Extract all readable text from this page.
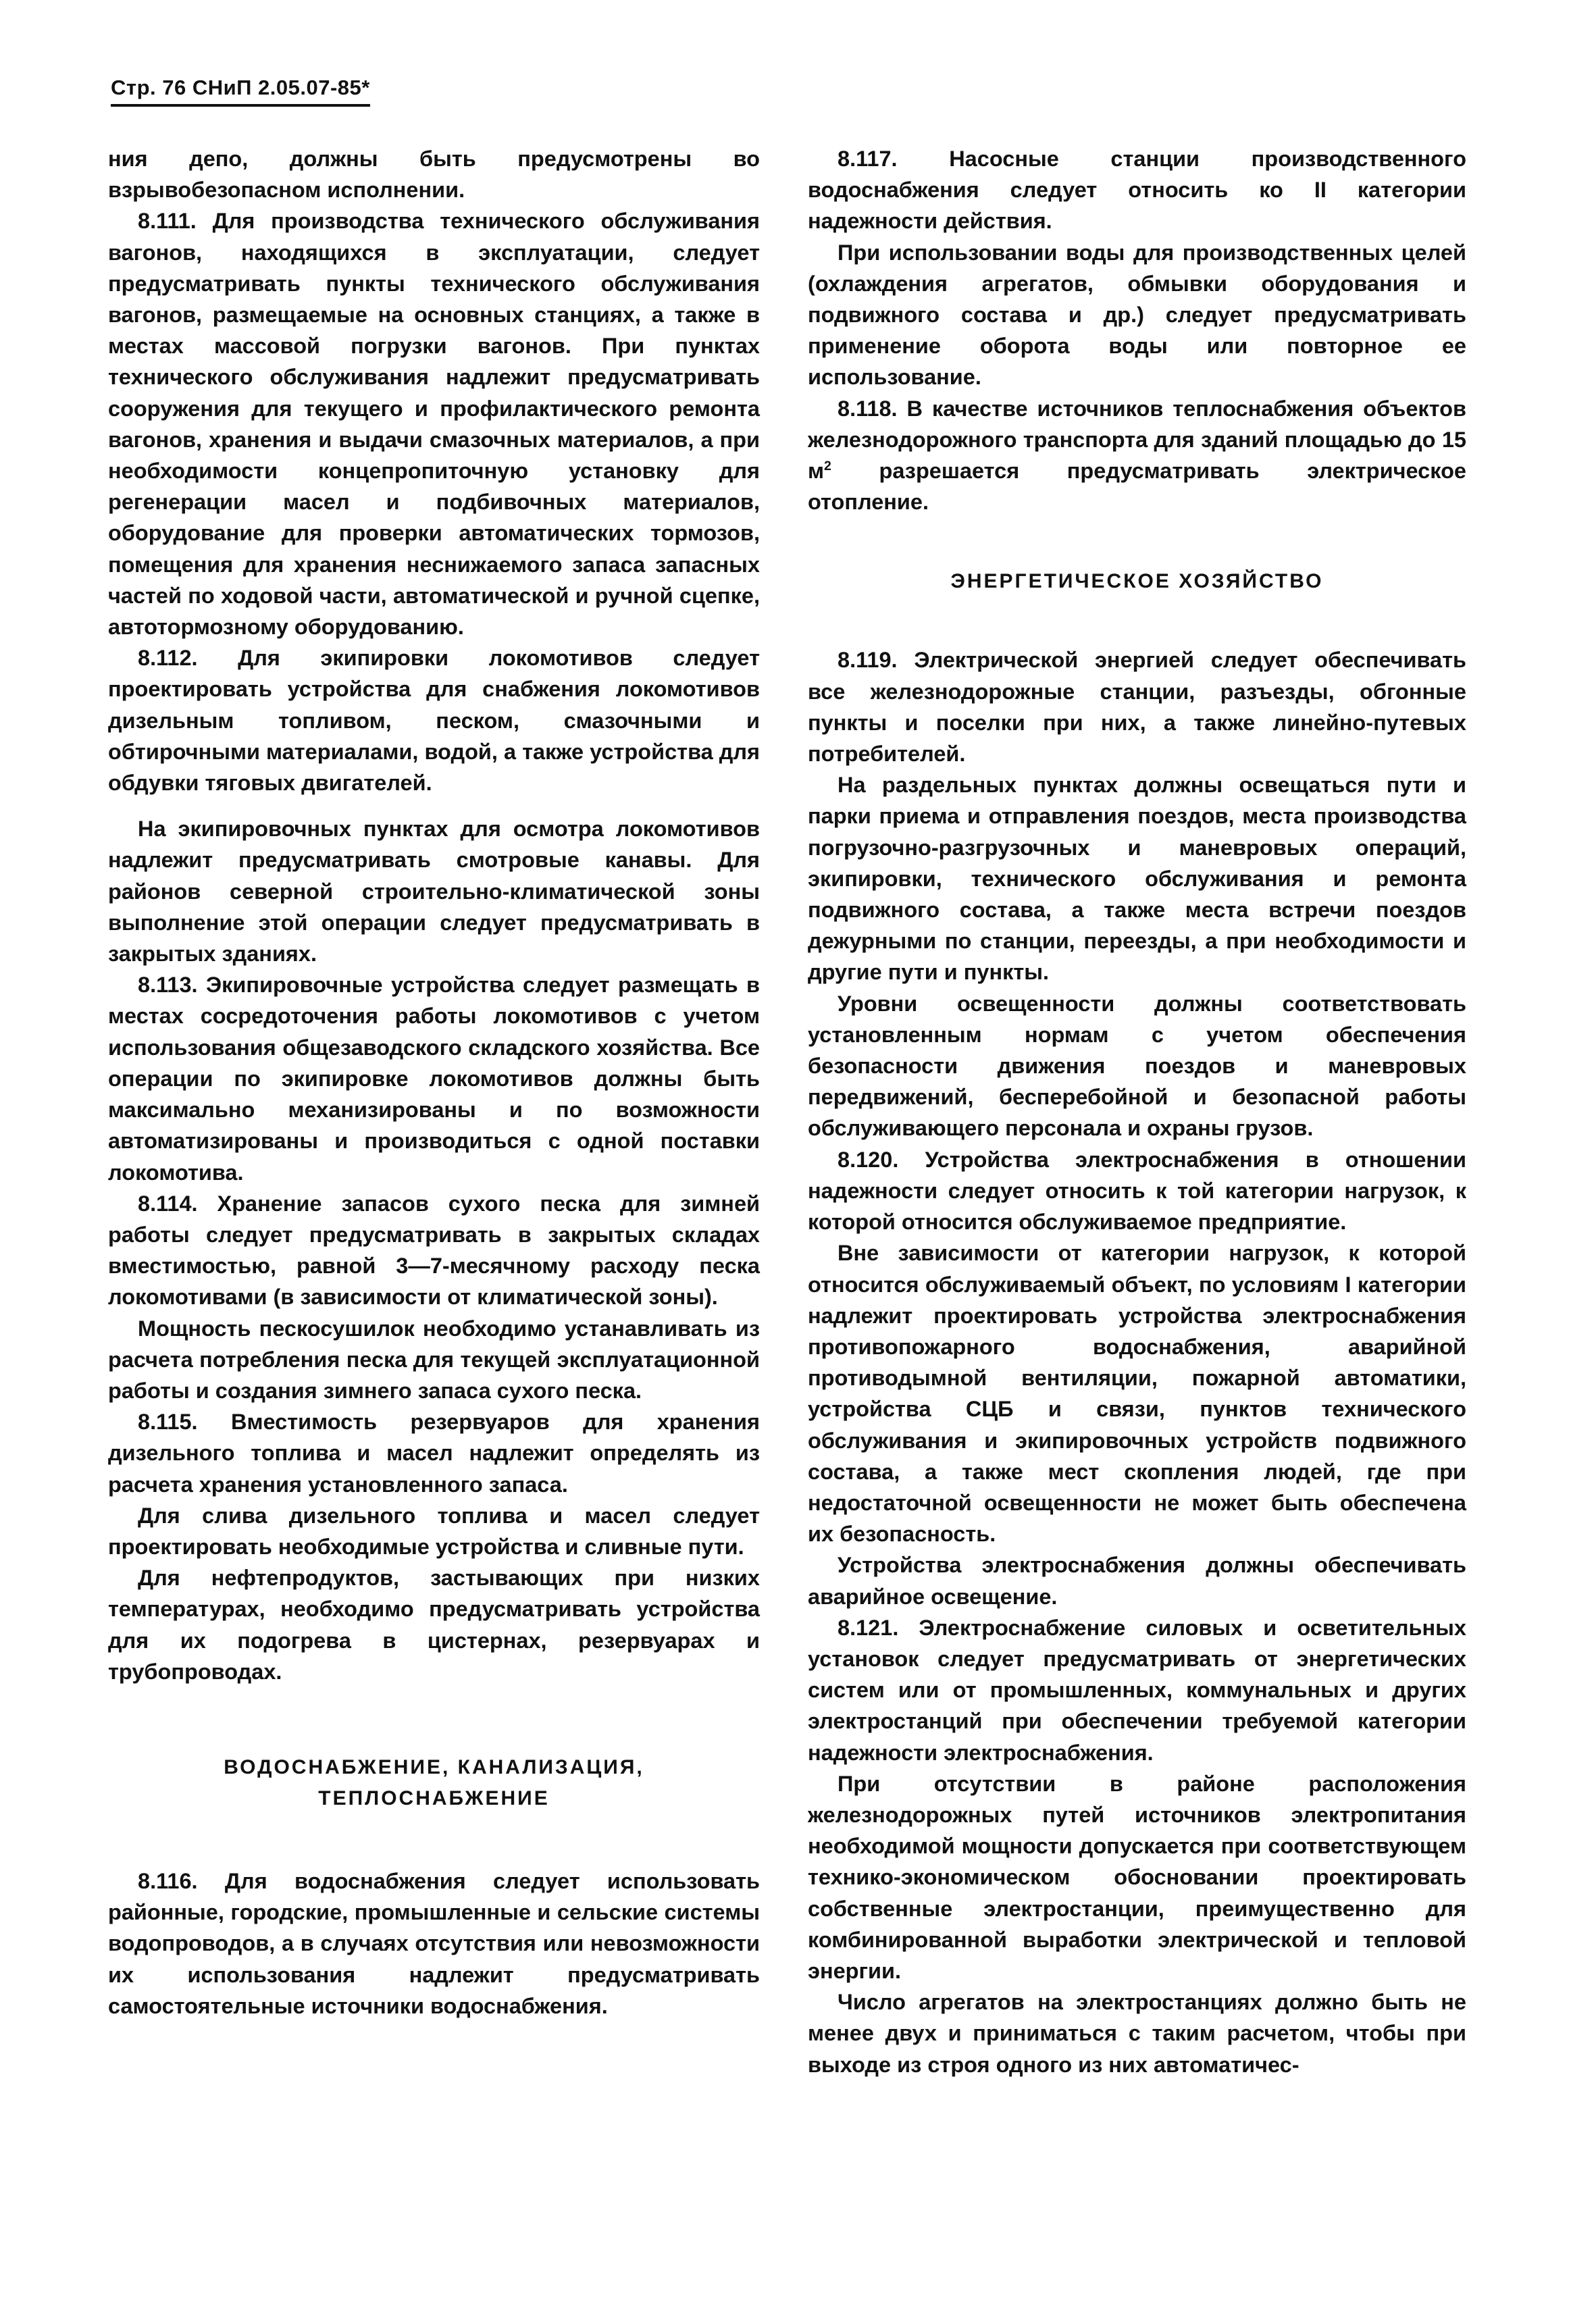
Стр. 76 СНиП 2.05.07-85*

ния депо, должны быть предусмотрены во взрывобезопасном исполнении.

8.111. Для производства технического обслуживания вагонов, находящихся в эксплуатации, следует предусматривать пункты технического обслуживания вагонов, размещаемые на основных станциях, а также в местах массовой погрузки вагонов. При пунктах технического обслуживания надлежит предусматривать сооружения для текущего и профилактического ремонта вагонов, хранения и выдачи смазочных материалов, а при необходимости концепропиточную установку для регенерации масел и подбивочных материалов, оборудование для проверки автоматических тормозов, помещения для хранения неснижаемого запаса запасных частей по ходовой части, автоматической и ручной сцепке, автотормозному оборудованию.

8.112. Для экипировки локомотивов следует проектировать устройства для снабжения локомотивов дизельным топливом, песком, смазочными и обтирочными материалами, водой, а также устройства для обдувки тяговых двигателей.

На экипировочных пунктах для осмотра локомотивов надлежит предусматривать смотровые канавы. Для районов северной строительно-климатической зоны выполнение этой операции следует предусматривать в закрытых зданиях.

8.113. Экипировочные устройства следует размещать в местах сосредоточения работы локомотивов с учетом использования общезаводского складского хозяйства. Все операции по экипировке локомотивов должны быть максимально механизированы и по возможности автоматизированы и производиться с одной поставки локомотива.

8.114. Хранение запасов сухого песка для зимней работы следует предусматривать в закрытых складах вместимостью, равной 3—7-месячному расходу песка локомотивами (в зависимости от климатической зоны).

Мощность пескосушилок необходимо устанавливать из расчета потребления песка для текущей эксплуатационной работы и создания зимнего запаса сухого песка.

8.115. Вместимость резервуаров для хранения дизельного топлива и масел надлежит определять из расчета хранения установленного запаса.

Для слива дизельного топлива и масел следует проектировать необходимые устройства и сливные пути.

Для нефтепродуктов, застывающих при низких температурах, необходимо предусматривать устройства для их подогрева в цистернах, резервуарах и трубопроводах.

ВОДОСНАБЖЕНИЕ, КАНАЛИЗАЦИЯ,
ТЕПЛОСНАБЖЕНИЕ

8.116. Для водоснабжения следует использовать районные, городские, промышленные и сельские системы водопроводов, а в случаях отсутствия или невозможности их использования надлежит предусматривать самостоятельные источники водоснабжения.

8.117. Насосные станции производственного водоснабжения следует относить ко II категории надежности действия.

При использовании воды для производственных целей (охлаждения агрегатов, обмывки оборудования и подвижного состава и др.) следует предусматривать применение оборота воды или повторное ее использование.

8.118. В качестве источников теплоснабжения объектов железнодорожного транспорта для зданий площадью до 15 $м^2$ разрешается предусматривать электрическое отопление.

ЭНЕРГЕТИЧЕСКОЕ ХОЗЯЙСТВО

8.119. Электрической энергией следует обеспечивать все железнодорожные станции, разъезды, обгонные пункты и поселки при них, а также линейно-путевых потребителей.

На раздельных пунктах должны освещаться пути и парки приема и отправления поездов, места производства погрузочно-разгрузочных и маневровых операций, экипировки, технического обслуживания и ремонта подвижного состава, а также места встречи поездов дежурными по станции, переезды, а при необходимости и другие пути и пункты.

Уровни освещенности должны соответствовать установленным нормам с учетом обеспечения безопасности движения поездов и маневровых передвижений, бесперебойной и безопасной работы обслуживающего персонала и охраны грузов.

8.120. Устройства электроснабжения в отношении надежности следует относить к той категории нагрузок, к которой относится обслуживаемое предприятие.

Вне зависимости от категории нагрузок, к которой относится обслуживаемый объект, по условиям I категории надлежит проектировать устройства электроснабжения противопожарного водоснабжения, аварийной противодымной вентиляции, пожарной автоматики, устройства СЦБ и связи, пунктов технического обслуживания и экипировочных устройств подвижного состава, а также мест скопления людей, где при недостаточной освещенности не может быть обеспечена их безопасность.

Устройства электроснабжения должны обеспечивать аварийное освещение.

8.121. Электроснабжение силовых и осветительных установок следует предусматривать от энергетических систем или от промышленных, коммунальных и других электростанций при обеспечении требуемой категории надежности электроснабжения.

При отсутствии в районе расположения железнодорожных путей источников электропитания необходимой мощности допускается при соответствующем технико-экономическом обосновании проектировать собственные электростанции, преимущественно для комбинированной выработки электрической и тепловой энергии.

Число агрегатов на электростанциях должно быть не менее двух и приниматься с таким расчетом, чтобы при выходе из строя одного из них автоматичес-
